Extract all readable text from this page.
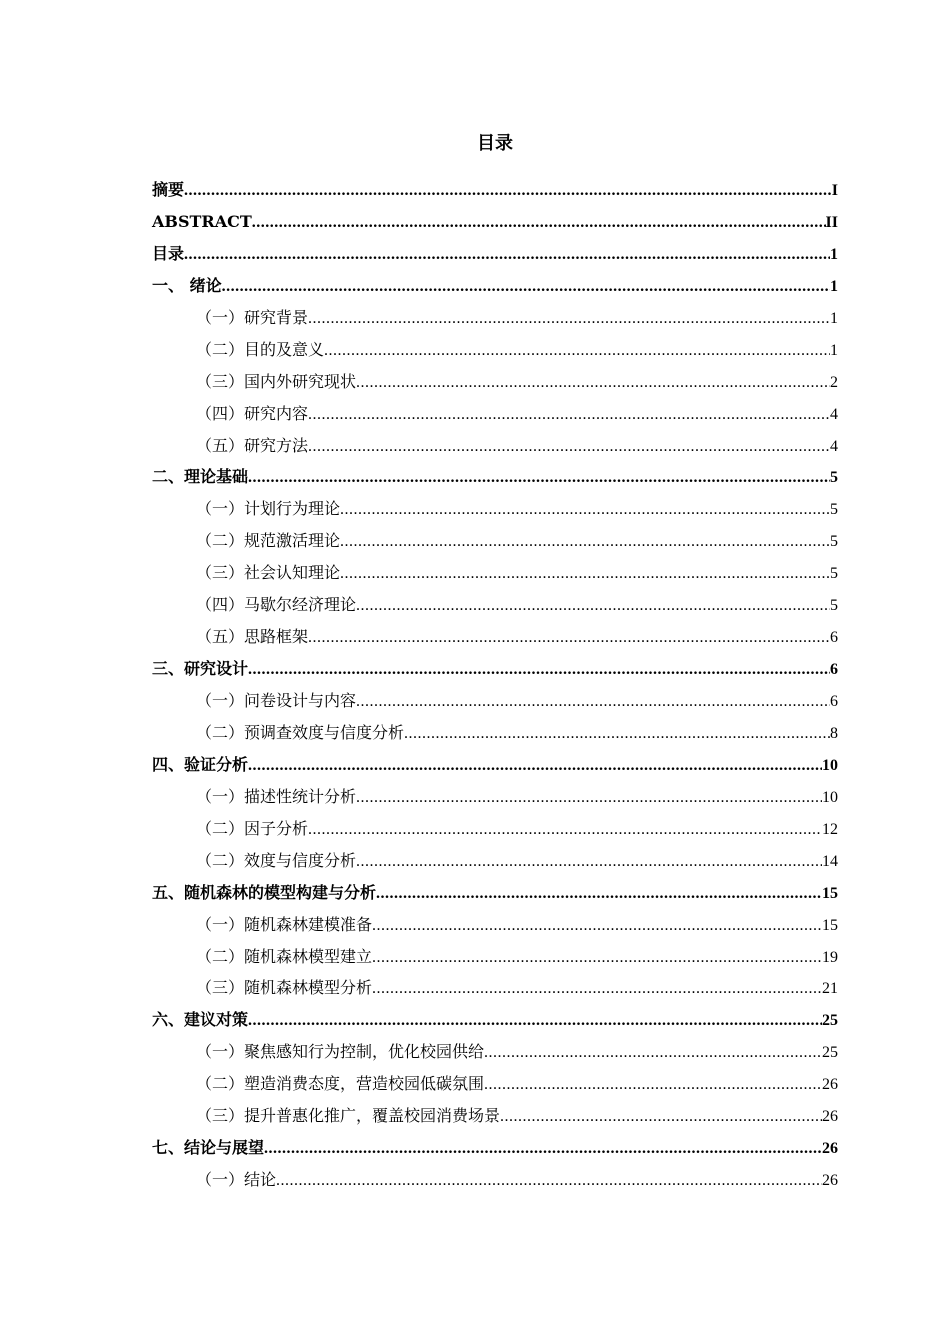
目录
摘要 .....	I
ABSTRACT .....	II
目录 .....	1
一、 绪论 .....	1
（一）研究背景 .....	1
（二）目的及意义 .....	1
（三）国内外研究现状 .....	2
（四）研究内容 .....	4
（五）研究方法 .....	4
二、理论基础 .....	5
（一）计划行为理论 .....	5
（二）规范激活理论 .....	5
（三）社会认知理论 .....	5
（四）马歇尔经济理论 .....	5
（五）思路框架 .....	6
三、研究设计 .....	6
（一）问卷设计与内容 .....	6
（二）预调查效度与信度分析 .....	8
四、验证分析 .....	10
（一）描述性统计分析 .....	10
（二）因子分析 .....	12
（二）效度与信度分析 .....	14
五、随机森林的模型构建与分析 .....	15
（一）随机森林建模准备 .....	15
（二）随机森林模型建立 .....	19
（三）随机森林模型分析 .....	21
六、建议对策 .....	25
（一）聚焦感知行为控制，优化校园供给 .....	25
（二）塑造消费态度，营造校园低碳氛围 .....	26
（三）提升普惠化推广，覆盖校园消费场景 .....	26
七、结论与展望 .....	26
（一）结论 .....	26
